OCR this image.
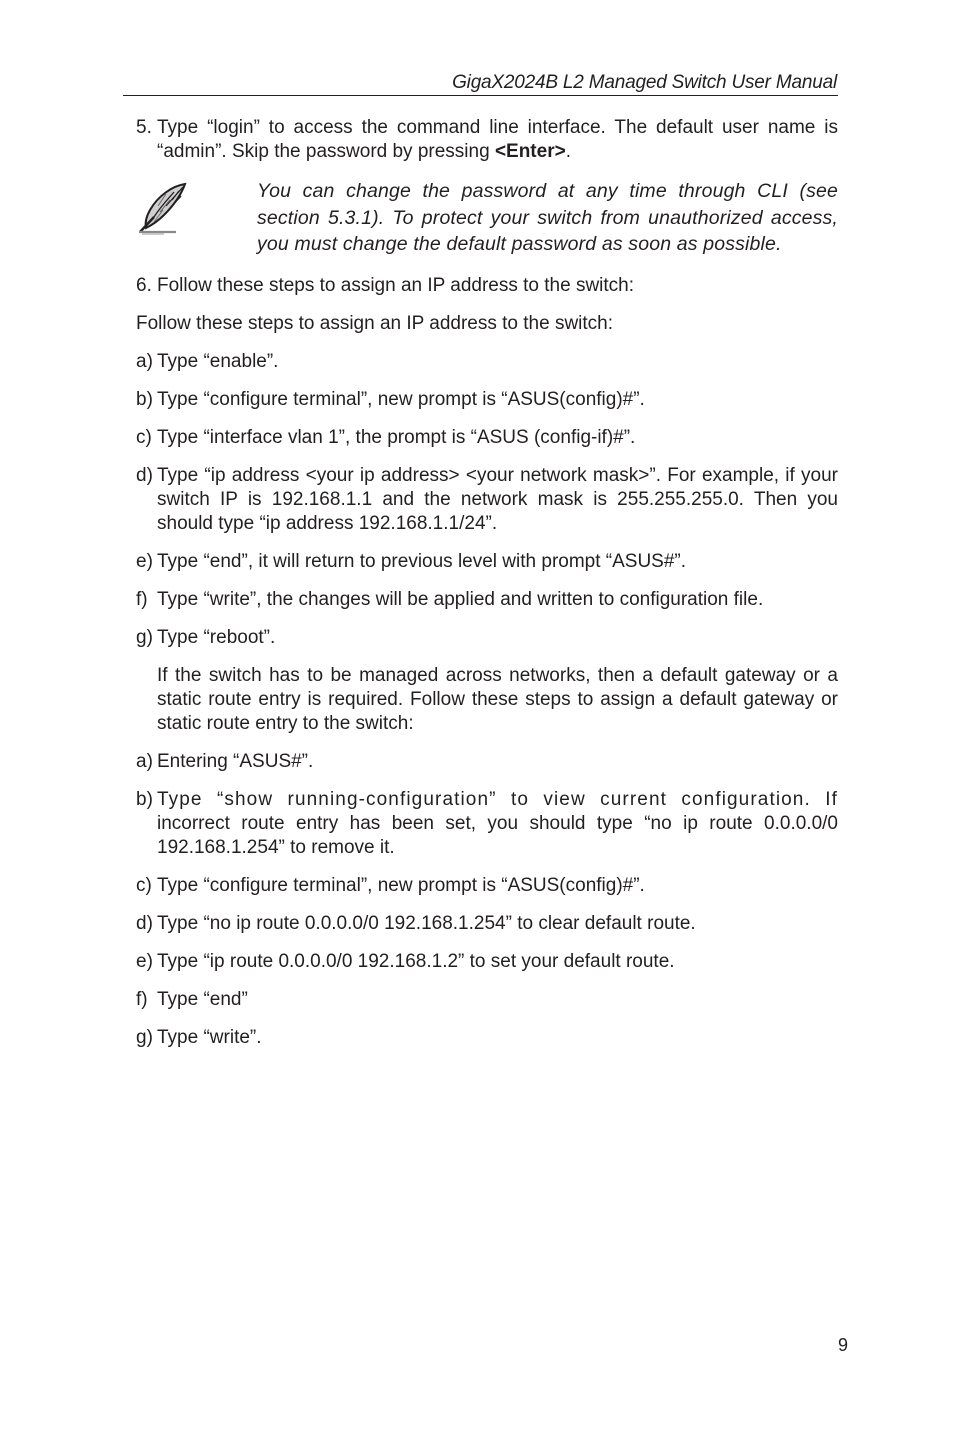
GigaX2024B L2 Managed Switch User Manual
5. Type “login” to access the command line interface. The default user name is “admin”. Skip the password by pressing <Enter>.
You can change the password at any time through CLI (see section 5.3.1). To protect your switch from unauthorized access, you must change the default password as soon as possible.
6. Follow these steps to assign an IP address to the switch:
Follow these steps to assign an IP address to the switch:
a) Type “enable”.
b) Type “configure terminal”, new prompt is “ASUS(config)#”.
c) Type “interface vlan 1”, the prompt is “ASUS (config-if)#”.
d) Type “ip address <your ip address> <your network mask>”. For example, if your switch IP is 192.168.1.1 and the network mask is 255.255.255.0. Then you should type “ip address 192.168.1.1/24”.
e) Type “end”, it will return to previous level with prompt “ASUS#”.
f) Type “write”, the changes will be applied and written to configuration file.
g) Type “reboot”.
If the switch has to be managed across networks, then a default gateway or a static route entry is required. Follow these steps to assign a default gateway or static route entry to the switch:
a) Entering “ASUS#”.
b) Type “show running-configuration” to view current configuration. If incorrect route entry has been set, you should type “no ip route 0.0.0.0/0 192.168.1.254” to remove it.
c) Type “configure terminal”, new prompt is “ASUS(config)#”.
d) Type “no ip route 0.0.0.0/0 192.168.1.254” to clear default route.
e) Type “ip route 0.0.0.0/0 192.168.1.2” to set your default route.
f) Type “end”
g) Type “write”.
9
